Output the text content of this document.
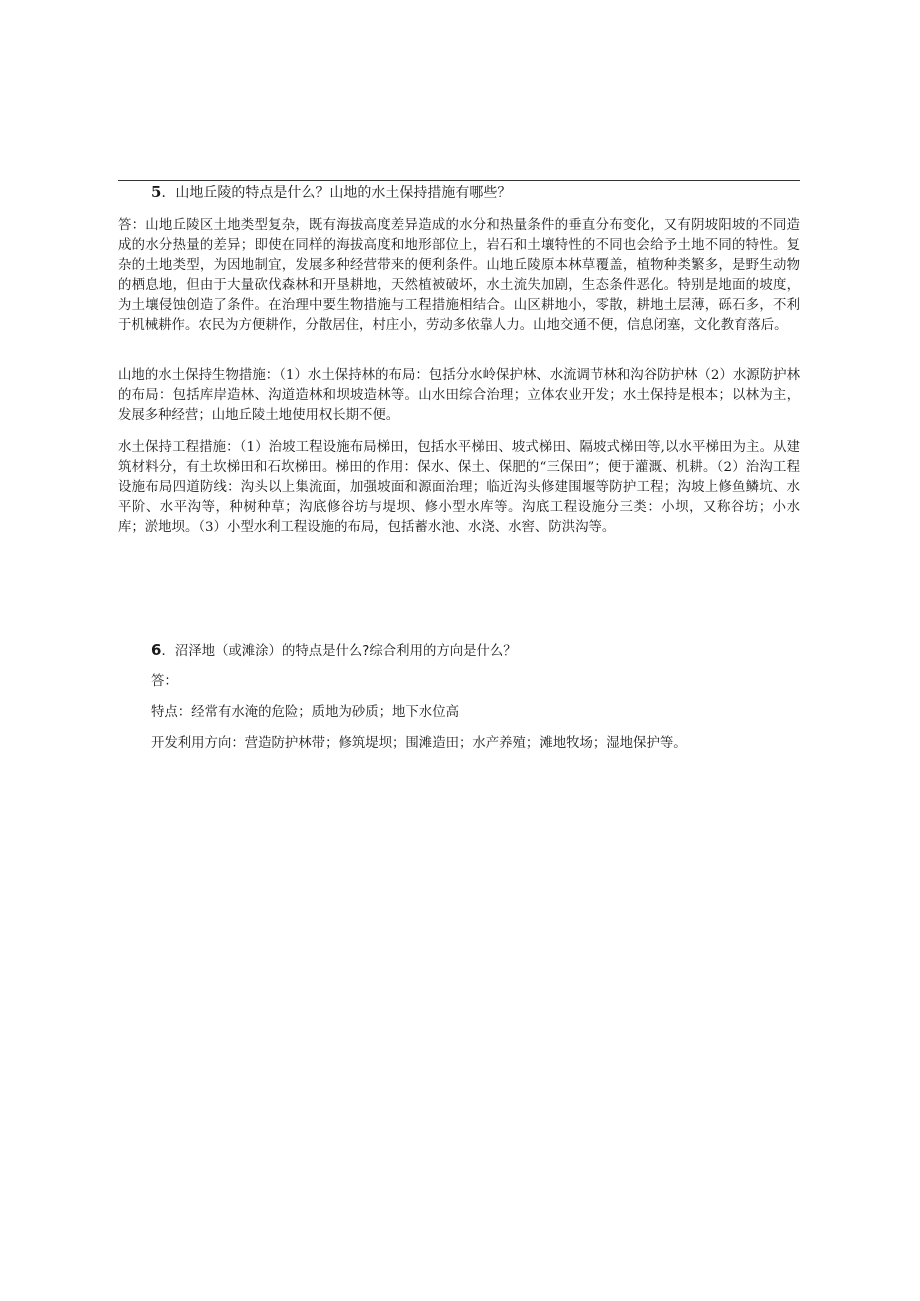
5．山地丘陵的特点是什么？山地的水土保持措施有哪些？
答：山地丘陵区土地类型复杂，既有海拔高度差异造成的水分和热量条件的垂直分布变化，又有阴坡阳坡的不同造成的水分热量的差异；即使在同样的海拔高度和地形部位上，岩石和土壤特性的不同也会给予土地不同的特性。复杂的土地类型，为因地制宜，发展多种经营带来的便利条件。山地丘陵原本林草覆盖，植物种类繁多，是野生动物的栖息地，但由于大量砍伐森林和开垦耕地，天然植被破坏，水土流失加剧，生态条件恶化。特别是地面的坡度，为土壤侵蚀创造了条件。在治理中要生物措施与工程措施相结合。山区耕地小，零散，耕地土层薄，砾石多，不利于机械耕作。农民为方便耕作，分散居住，村庄小，劳动多依靠人力。山地交通不便，信息闭塞，文化教育落后。
山地的水土保持生物措施：（1）水土保持林的布局：包括分水岭保护林、水流调节林和沟谷防护林（2）水源防护林的布局：包括库岸造林、沟道造林和坝坡造林等。山水田综合治理；立体农业开发；水土保持是根本；以林为主，发展多种经营；山地丘陵土地使用权长期不便。
水土保持工程措施：（1）治坡工程设施布局梯田，包括水平梯田、坡式梯田、隔坡式梯田等,以水平梯田为主。从建筑材料分，有土坎梯田和石坎梯田。梯田的作用：保水、保土、保肥的“三保田”；便于灌溉、机耕。（2）治沟工程设施布局四道防线：沟头以上集流面，加强坡面和源面治理；临近沟头修建围堰等防护工程；沟坡上修鱼鳞坑、水平阶、水平沟等，种树种草；沟底修谷坊与堤坝、修小型水库等。沟底工程设施分三类：小坝，又称谷坊；小水库；淤地坝。（3）小型水利工程设施的布局，包括蓄水池、水浇、水窖、防洪沟等。
6．沼泽地（或滩涂）的特点是什么?综合利用的方向是什么？
答：
特点：经常有水淹的危险；质地为砂质；地下水位高
开发利用方向：营造防护林带；修筑堤坝；围滩造田；水产养殖；滩地牧场；湿地保护等。
